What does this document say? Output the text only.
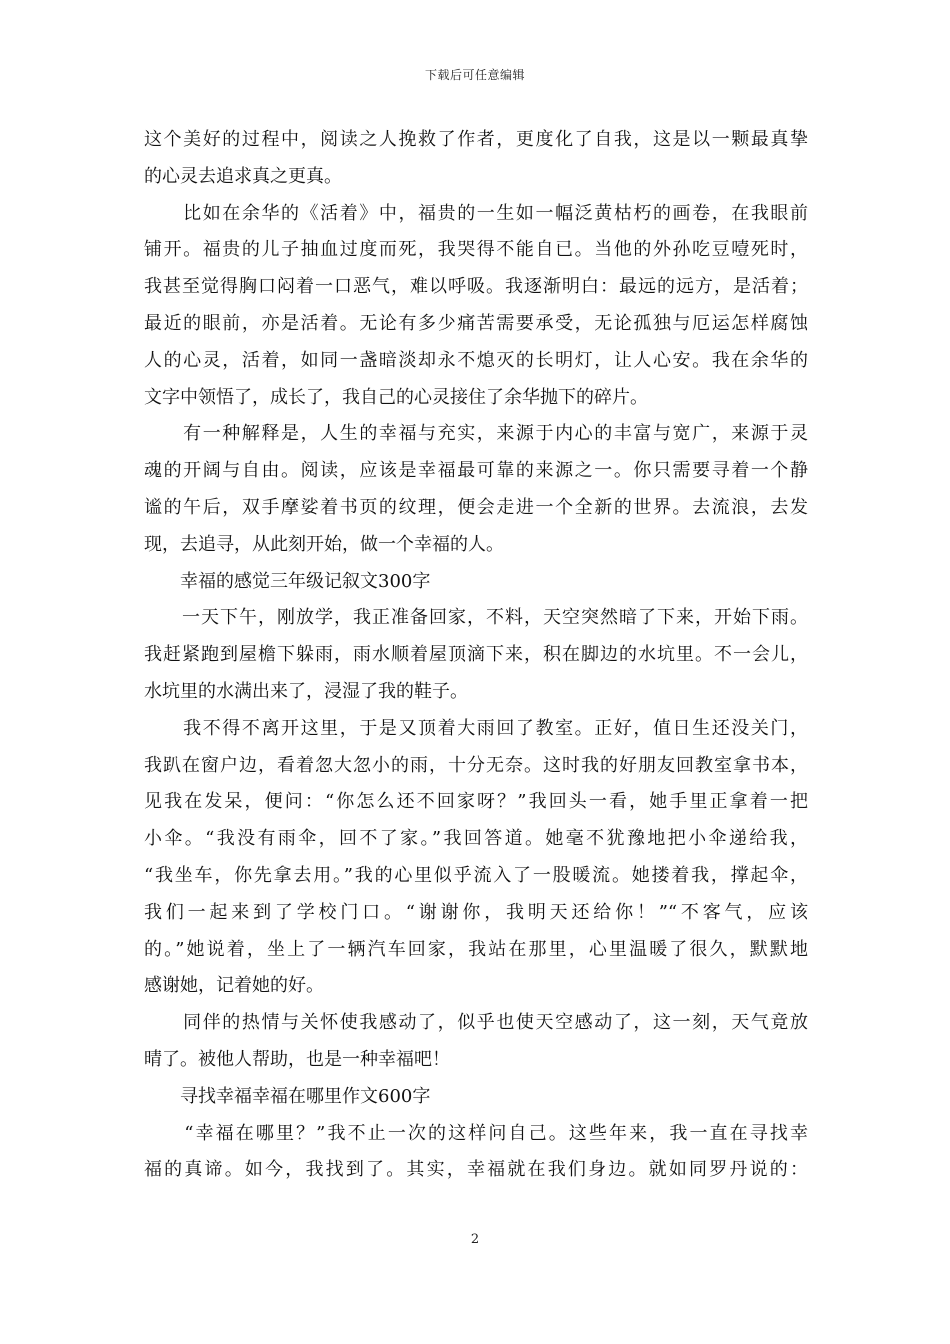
下载后可任意编辑
这个美好的过程中，阅读之人挽救了作者，更度化了自我，这是以一颗最真挚
的心灵去追求真之更真。
　　比如在余华的《活着》中，福贵的一生如一幅泛黄枯朽的画卷，在我眼前
铺开。福贵的儿子抽血过度而死，我哭得不能自已。当他的外孙吃豆噎死时，
我甚至觉得胸口闷着一口恶气，难以呼吸。我逐渐明白：最远的远方，是活着；
最近的眼前，亦是活着。无论有多少痛苦需要承受，无论孤独与厄运怎样腐蚀
人的心灵，活着，如同一盏暗淡却永不熄灭的长明灯，让人心安。我在余华的
文字中领悟了，成长了，我自己的心灵接住了余华抛下的碎片。
　　有一种解释是，人生的幸福与充实，来源于内心的丰富与宽广，来源于灵
魂的开阔与自由。阅读，应该是幸福最可靠的来源之一。你只需要寻着一个静
谧的午后，双手摩娑着书页的纹理，便会走进一个全新的世界。去流浪，去发
现，去追寻，从此刻开始，做一个幸福的人。
　　幸福的感觉三年级记叙文300字
　　一天下午，刚放学，我正准备回家，不料，天空突然暗了下来，开始下雨。
我赶紧跑到屋檐下躲雨，雨水顺着屋顶滴下来，积在脚边的水坑里。不一会儿，
水坑里的水满出来了，浸湿了我的鞋子。
　　我不得不离开这里，于是又顶着大雨回了教室。正好，值日生还没关门，
我趴在窗户边，看着忽大忽小的雨，十分无奈。这时我的好朋友回教室拿书本，
见我在发呆，便问：“你怎么还不回家呀？”我回头一看，她手里正拿着一把
小伞。“我没有雨伞，回不了家。”我回答道。她毫不犹豫地把小伞递给我，
“我坐车，你先拿去用。”我的心里似乎流入了一股暖流。她搂着我，撑起伞，
我们一起来到了学校门口。“谢谢你，我明天还给你！”“不客气，应该
的。”她说着，坐上了一辆汽车回家，我站在那里，心里温暖了很久，默默地
感谢她，记着她的好。
　　同伴的热情与关怀使我感动了，似乎也使天空感动了，这一刻，天气竟放
晴了。被他人帮助，也是一种幸福吧！
　　寻找幸福幸福在哪里作文600字
　　“幸福在哪里？”我不止一次的这样问自己。这些年来，我一直在寻找幸
福的真谛。如今，我找到了。其实，幸福就在我们身边。就如同罗丹说的：
2
